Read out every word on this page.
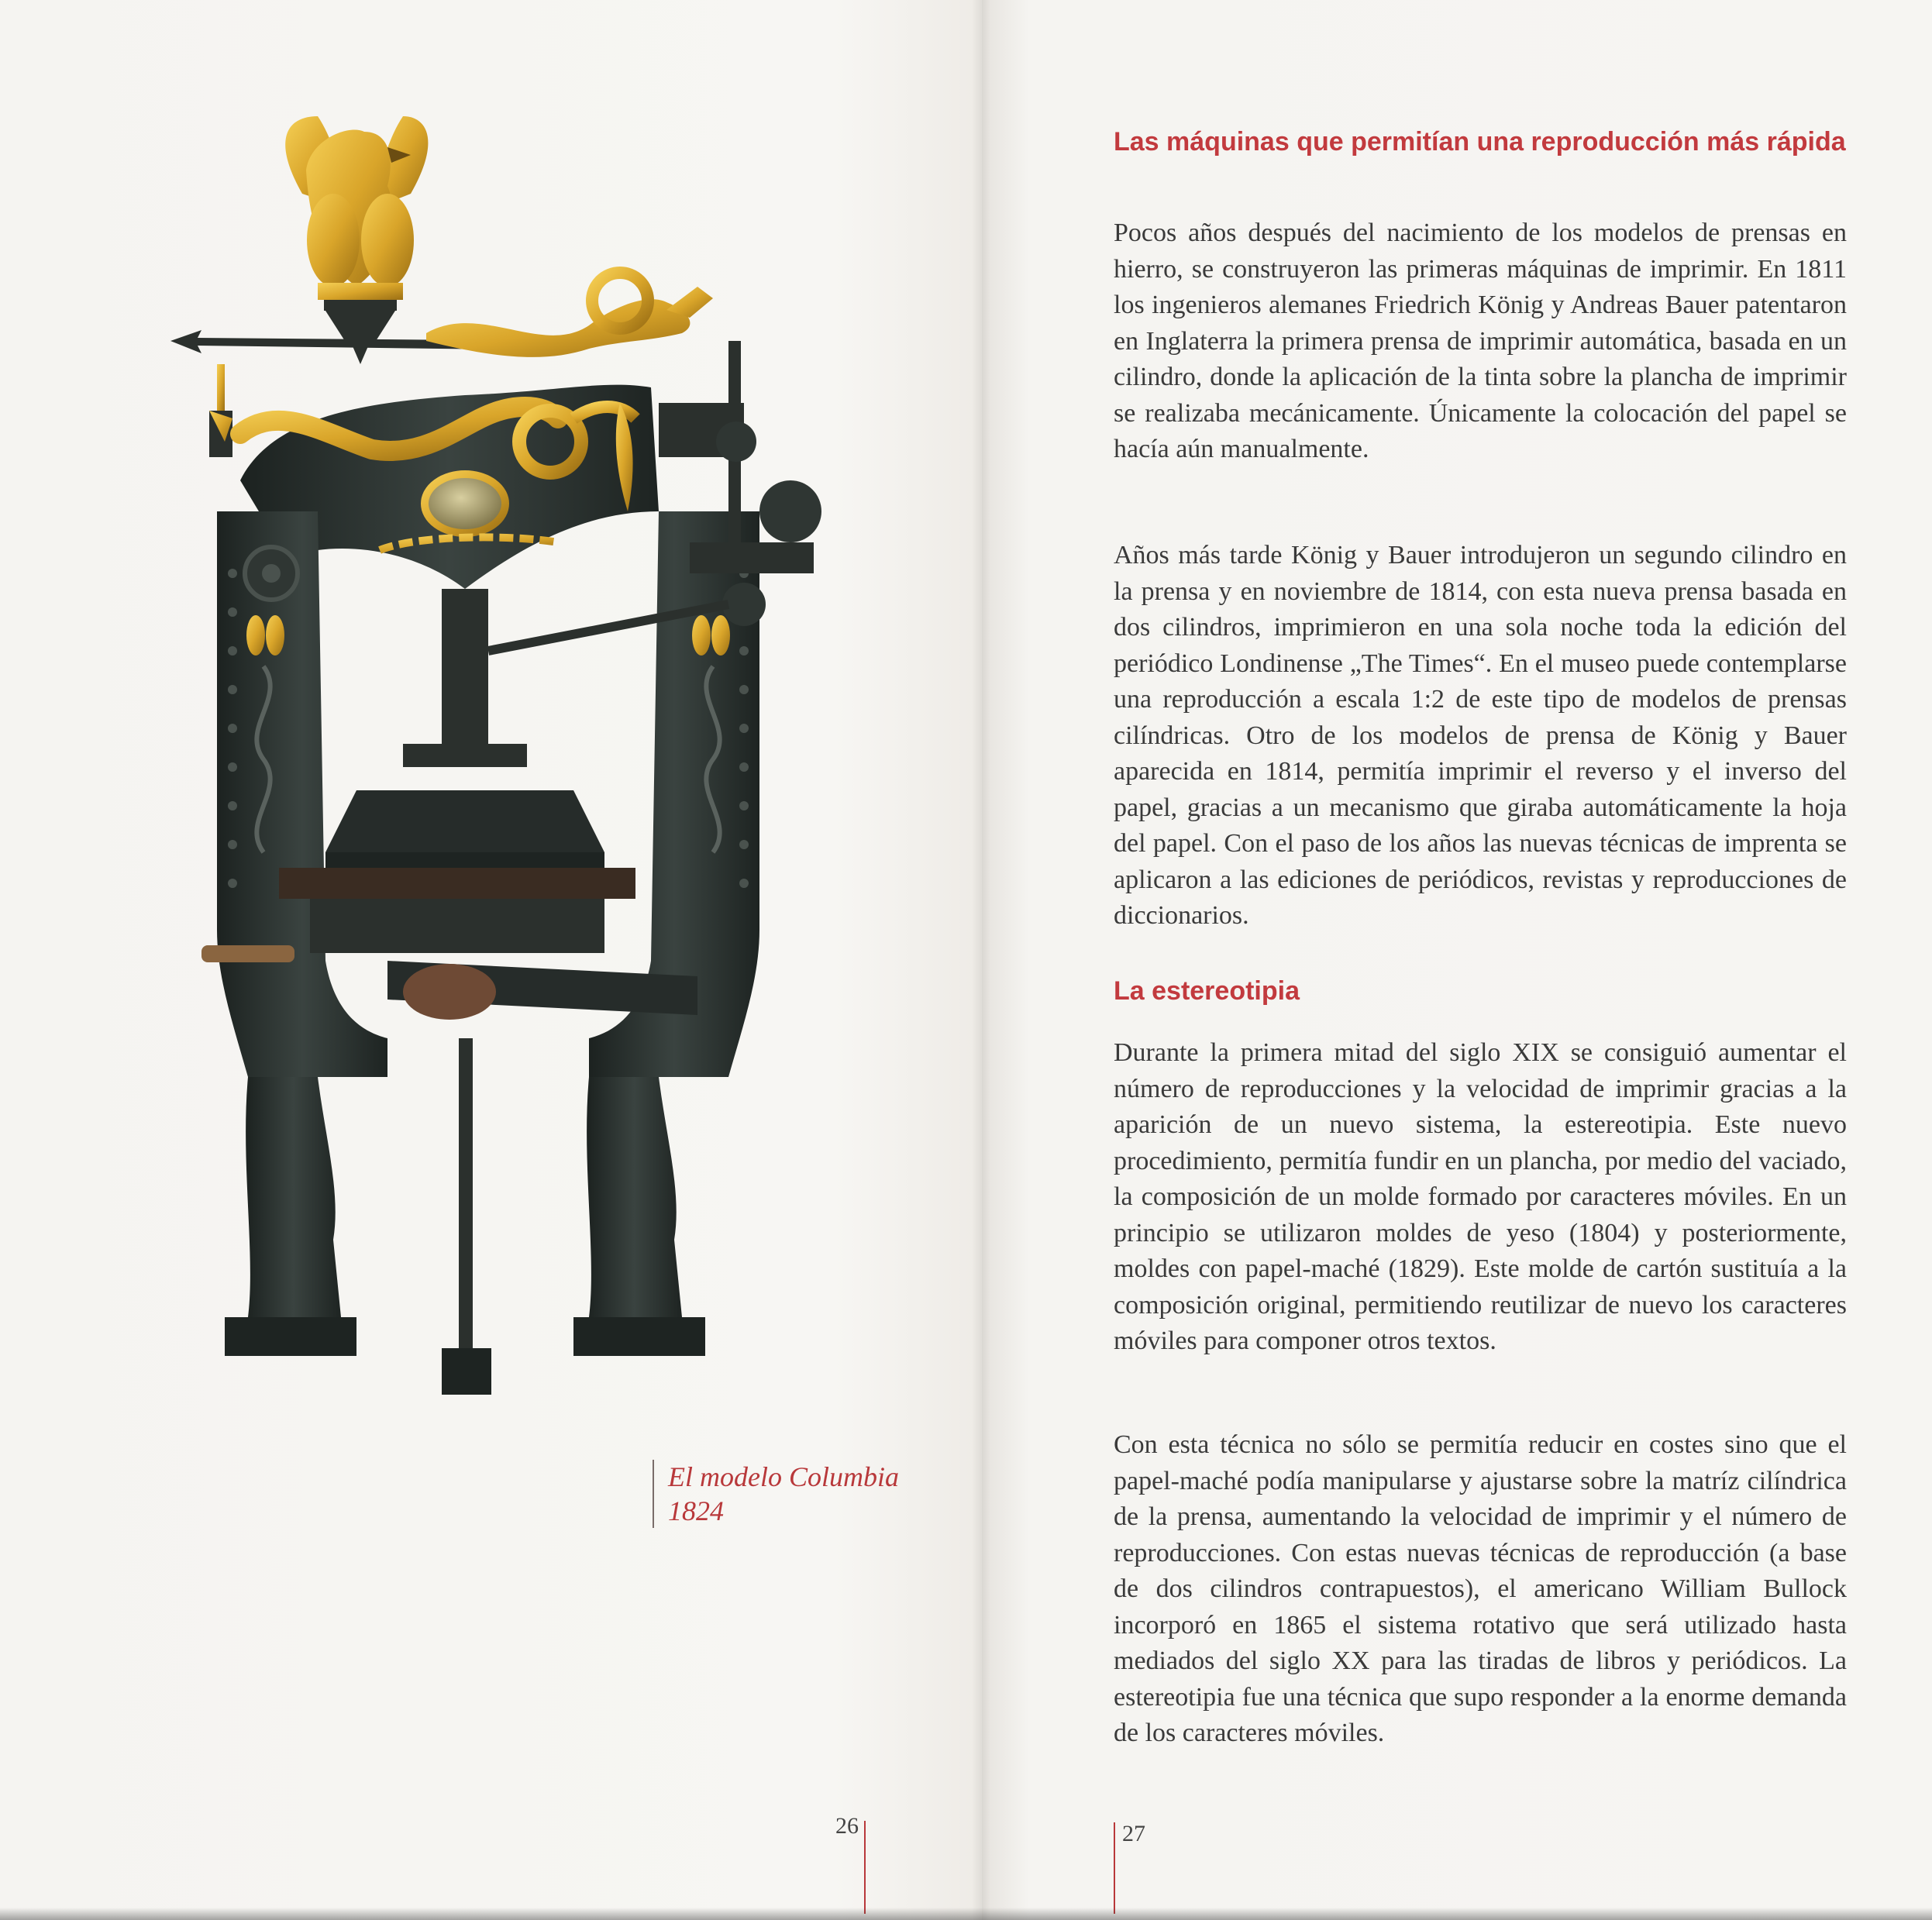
El modelo Columbia
1824
26
Las máquinas que permitían una reproducción más rápida

Pocos años después del nacimiento de los modelos de prensas en hierro, se construyeron las primeras máquinas de imprimir. En 1811 los ingenieros alemanes Friedrich König y Andreas Bauer patentaron en Inglaterra la primera prensa de imprimir automática, basada en un cilindro, donde la aplicación de la tinta sobre la plancha de imprimir se realizaba mecánicamente. Únicamente la colocación del papel se hacía aún manualmente.

Años más tarde König y Bauer introdujeron un segundo cilindro en la prensa y en noviembre de 1814, con esta nueva prensa basada en dos cilindros, imprimieron en una sola noche toda la edición del periódico Londinense „The Times“. En el museo puede contemplarse una reproducción a escala 1:2 de este tipo de modelos de prensas cilíndricas. Otro de los modelos de prensa de König y Bauer aparecida en 1814, permitía imprimir el reverso y el inverso del papel, gracias a un mecanismo que giraba automáticamente la hoja del papel. Con el paso de los años las nuevas técnicas de imprenta se aplicaron a las ediciones de periódicos, revistas y reproducciones de diccionarios.

La estereotipia

Durante la primera mitad del siglo XIX se consiguió aumentar el número de reproducciones y la velocidad de imprimir gracias a la aparición de un nuevo sistema, la estereotipia. Este nuevo procedimiento, permitía fundir en un plancha, por medio del vaciado, la composición de un molde formado por caracteres móviles. En un principio se utilizaron moldes de yeso (1804) y posteriormente, moldes con papel-maché (1829). Este molde de cartón sustituía a la composición original, permitiendo reutilizar de nuevo los caracteres móviles para componer otros textos.

Con esta técnica no sólo se permitía reducir en costes sino que el papel-maché podía manipularse y ajustarse sobre la matríz cilíndrica de la prensa, aumentando la velocidad de imprimir y el número de reproducciones. Con estas nuevas técnicas de reproducción (a base de dos cilindros contrapuestos), el americano William Bullock incorporó en 1865 el sistema rotativo que será utilizado hasta mediados del siglo XX para las tiradas de libros y periódicos. La estereotipia fue una técnica que supo responder a la enorme demanda de los caracteres móviles.

27
